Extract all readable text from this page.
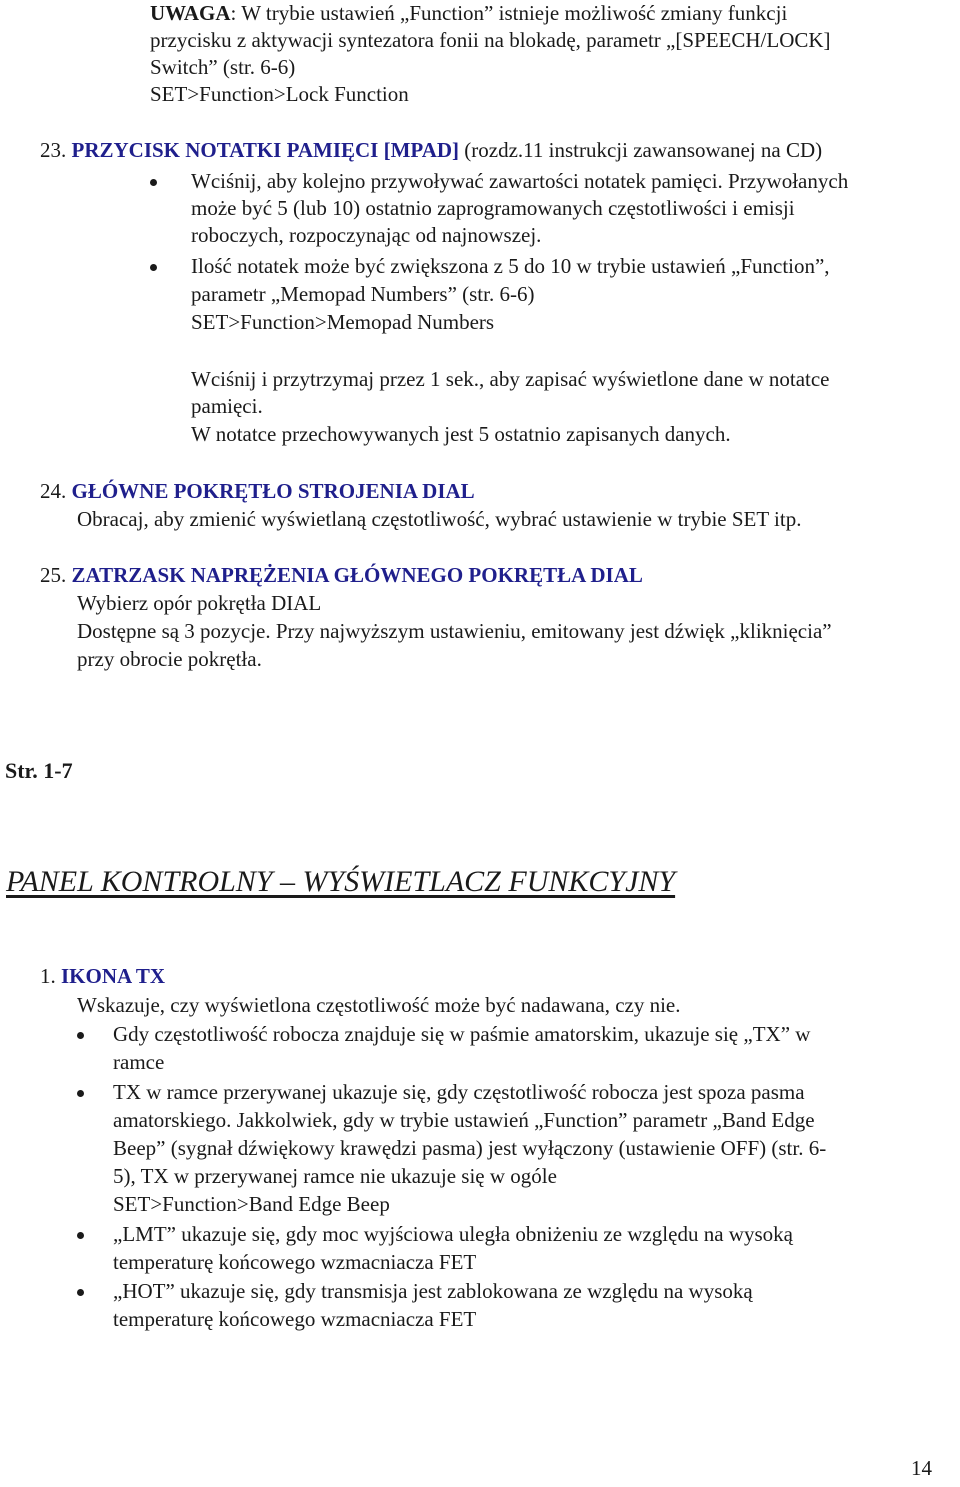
UWAGA: W trybie ustawień „Function” istnieje możliwość zmiany funkcji
przycisku z aktywacji syntezatora fonii na blokadę, parametr „[SPEECH/LOCK]
Switch” (str. 6-6)
SET>Function>Lock Function
23. PRZYCISK NOTATKI PAMIĘCI [MPAD] (rozdz.11 instrukcji zawansowanej na CD)
Wciśnij, aby kolejno przywoływać zawartości notatek pamięci. Przywołanych
może być 5 (lub 10) ostatnio zaprogramowanych częstotliwości i emisji
roboczych, rozpoczynając od najnowszej.
Ilość notatek może być zwiększona z 5 do 10 w trybie ustawień „Function”,
parametr „Memopad Numbers” (str. 6-6)
SET>Function>Memopad Numbers
Wciśnij i przytrzymaj przez 1 sek., aby zapisać wyświetlone dane w notatce
pamięci.
W notatce przechowywanych jest 5 ostatnio zapisanych danych.
24. GŁÓWNE POKRĘTŁO STROJENIA DIAL
Obracaj, aby zmienić wyświetlaną częstotliwość, wybrać ustawienie w trybie SET itp.
25. ZATRZASK NAPRĘŻENIA GŁÓWNEGO POKRĘTŁA DIAL
Wybierz opór pokrętła DIAL
Dostępne są 3 pozycje. Przy najwyższym ustawieniu, emitowany jest dźwięk „kliknięcia”
przy obrocie pokrętła.
Str. 1-7
PANEL KONTROLNY – WYŚWIETLACZ FUNKCYJNY
1. IKONA TX
Wskazuje, czy wyświetlona częstotliwość może być nadawana, czy nie.
Gdy częstotliwość robocza znajduje się w paśmie amatorskim, ukazuje się „TX” w
ramce
TX w ramce przerywanej ukazuje się, gdy częstotliwość robocza jest spoza pasma
amatorskiego. Jakkolwiek, gdy w trybie ustawień „Function” parametr „Band Edge
Beep” (sygnał dźwiękowy krawędzi pasma) jest wyłączony (ustawienie OFF) (str. 6-
5), TX w przerywanej ramce nie ukazuje się w ogóle
SET>Function>Band Edge Beep
„LMT” ukazuje się, gdy moc wyjściowa uległa obniżeniu ze względu na wysoką
temperaturę końcowego wzmacniacza FET
„HOT” ukazuje się, gdy transmisja jest zablokowana ze względu na wysoką
temperaturę końcowego wzmacniacza FET
14
